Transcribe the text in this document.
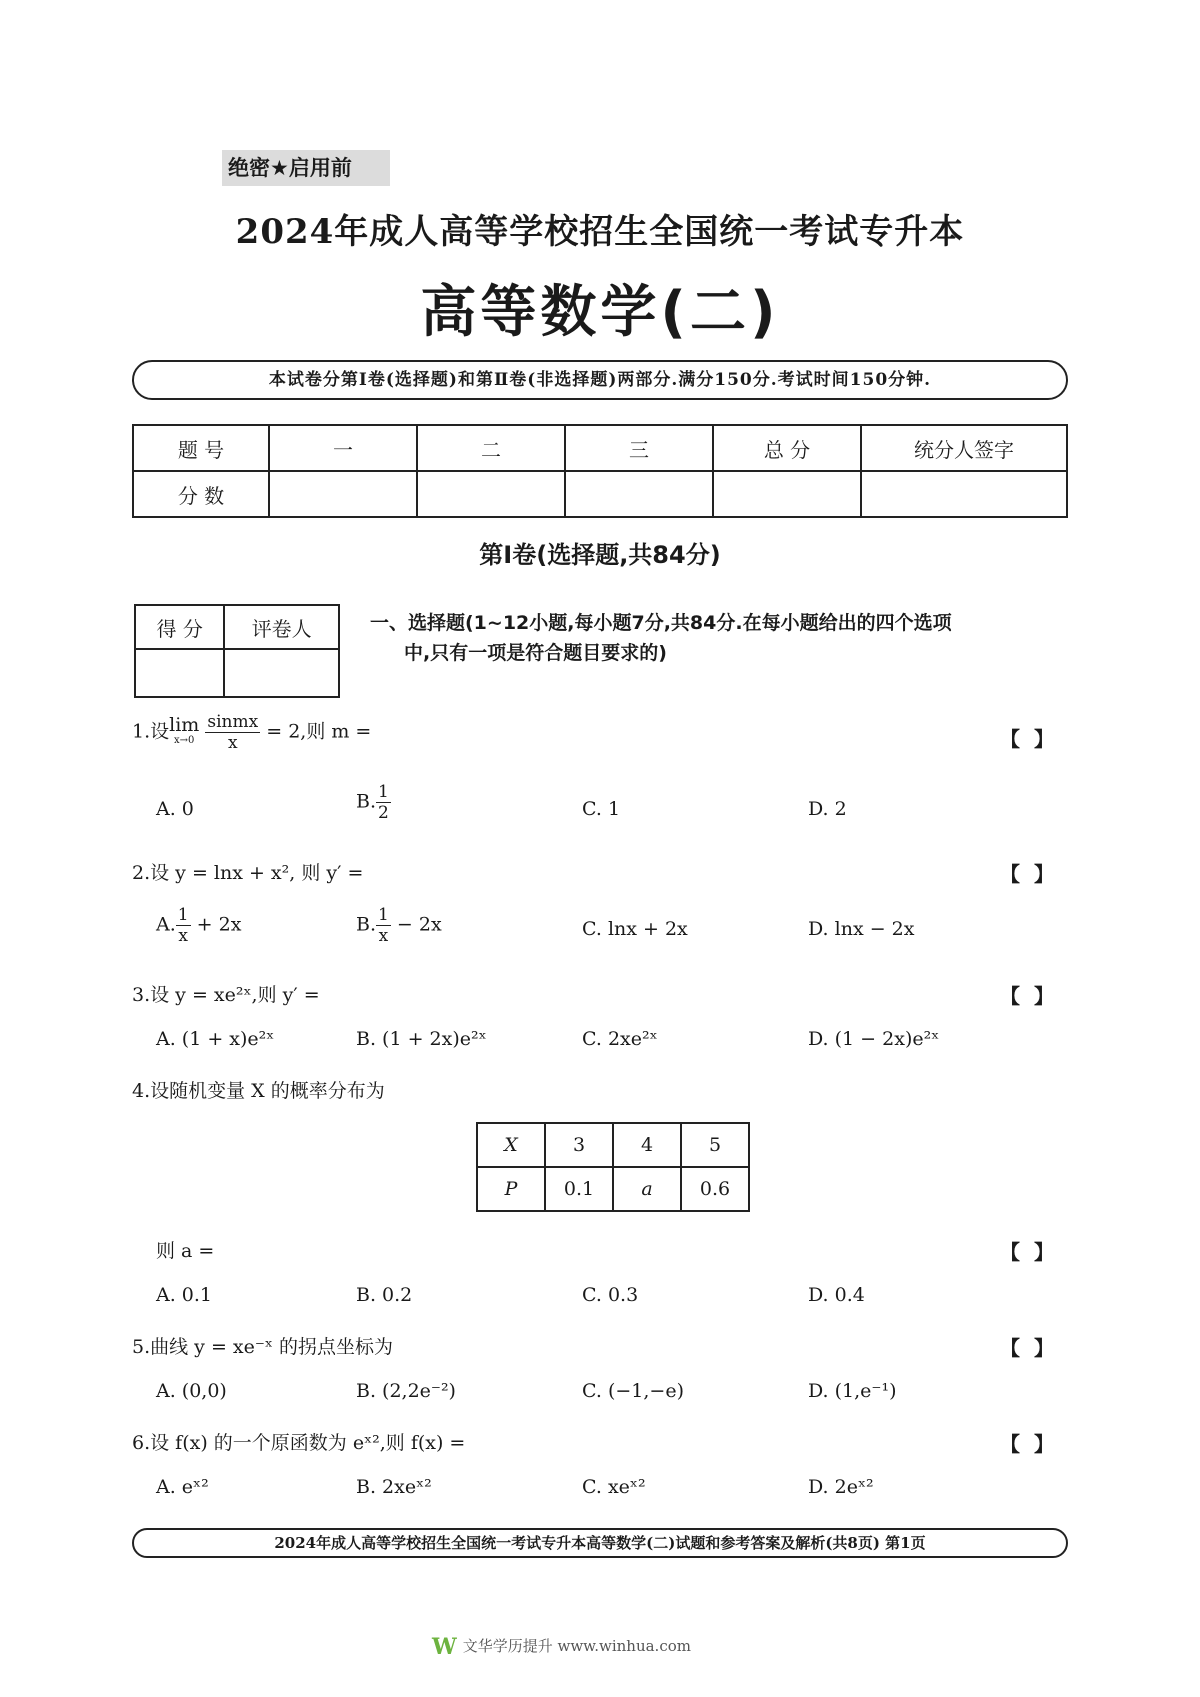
绝密★启用前
2024年成人高等学校招生全国统一考试专升本
高等数学(二)
本试卷分第Ⅰ卷(选择题)和第Ⅱ卷(非选择题)两部分.满分150分.考试时间150分钟.
题 号	一	二	三	总 分	统分人签字
分 数					
第Ⅰ卷(选择题,共84分)
得 分	评卷人
		一、选择题(1~12小题,每小题7分,共84分.在每小题给出的四个选项
中,只有一项是符合题目要求的)
1.设lim
x→0
$\frac{\text{sinmx}}{x} = 2$,则 m =	【】
A. 0	B. $\frac{1}{2}$	C. 1	D. 2
2.设 y = lnx + x², 则 y′ =	【】
A. $\frac{1}{x} + 2x$	B. $\frac{1}{x} - 2x$	C. lnx + 2x	D. lnx − 2x
3.设 y = xe²ˣ,则 y′ =	【】
A. (1 + x)e²ˣ	B. (1 + 2x)e²ˣ	C. 2xe²ˣ	D. (1 − 2x)e²ˣ
4.设随机变量 X 的概率分布为
X	3	4	5
P	0.1	a	0.6
则 a =	【】
A. 0.1	B. 0.2	C. 0.3	D. 0.4
5.曲线 y = xe⁻ˣ 的拐点坐标为	【】
A. (0,0)	B. (2,2e⁻²)	C. (−1,−e)	D. (1,e⁻¹)
6.设 f(x) 的一个原函数为 eˣ²,则 f(x) =	【】
A. eˣ²	B. 2xeˣ²	C. xeˣ²	D. 2eˣ²
2024年成人高等学校招生全国统一考试专升本高等数学(二)试题和参考答案及解析(共8页) 第1页
W 文华学历提升 www.winhua.com
